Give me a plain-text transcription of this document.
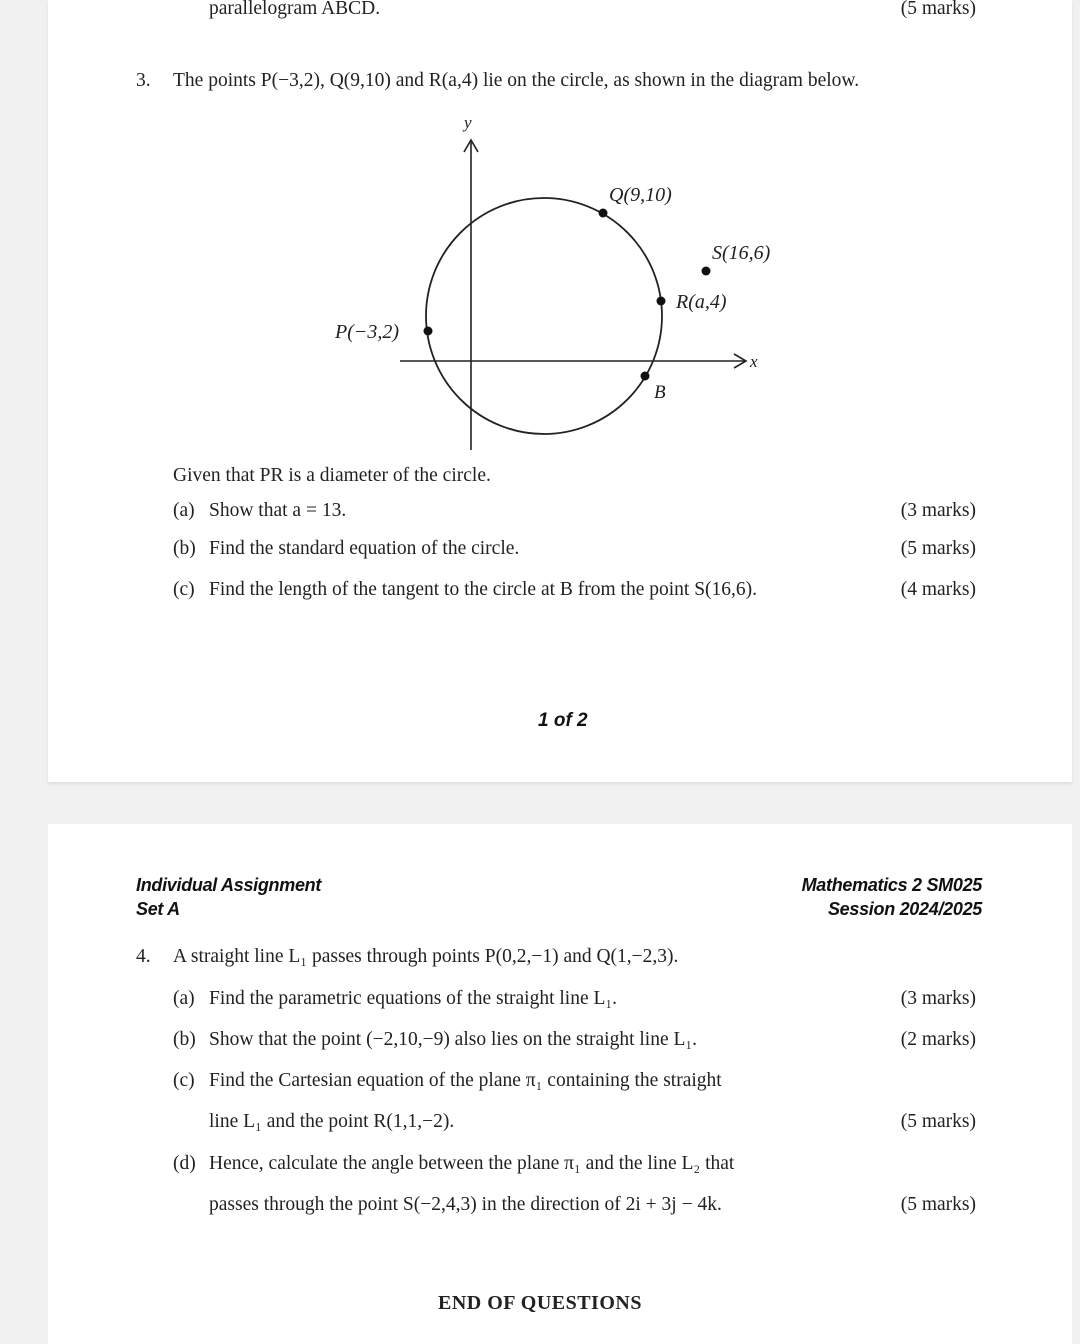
parallelogram ABCD.	(5 marks)
3. The points P(−3,2), Q(9,10) and R(a,4) lie on the circle, as shown in the diagram below.
y
x
Q(9,10)
S(16,6)
R(a,4)
P(−3,2)
B
Given that PR is a diameter of the circle.
(a) Show that a = 13.	(3 marks)
(b) Find the standard equation of the circle.	(5 marks)
(c) Find the length of the tangent to the circle at B from the point S(16,6).	(4 marks)
1 of 2
Individual Assignment
Set A
Mathematics 2 SM025
Session 2024/2025
4. A straight line L₁ passes through points P(0,2,−1) and Q(1,−2,3).
(a) Find the parametric equations of the straight line L₁.	(3 marks)
(b) Show that the point (−2,10,−9) also lies on the straight line L₁.	(2 marks)
(c) Find the Cartesian equation of the plane π₁ containing the straight
line L₁ and the point R(1,1,−2).	(5 marks)
(d) Hence, calculate the angle between the plane π₁ and the line L₂ that
passes through the point S(−2,4,3) in the direction of 2i + 3j − 4k.	(5 marks)
END OF QUESTIONS
